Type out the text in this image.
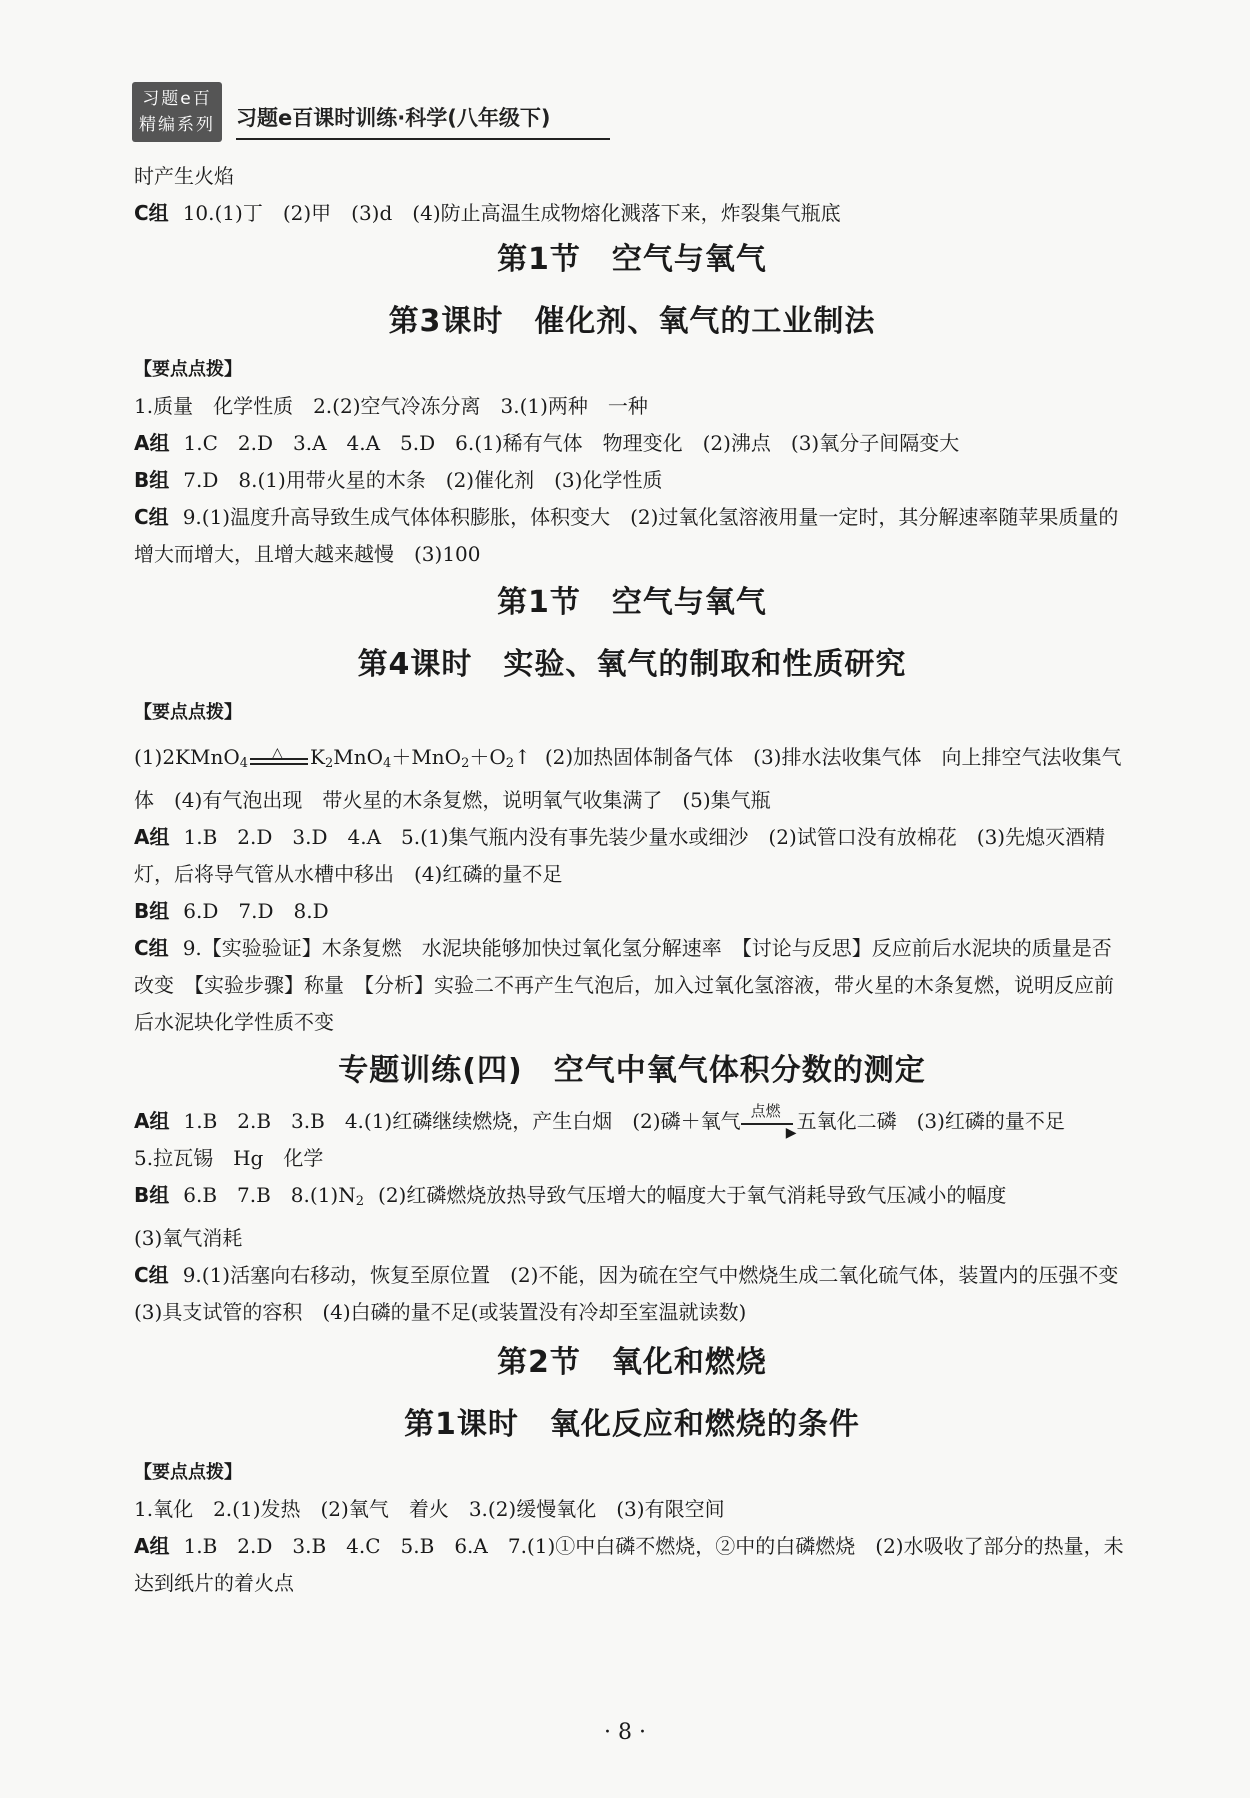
习题e百
精编系列	习题e百课时训练·科学(八年级下)
时产生火焰
C组 10.(1)丁　(2)甲　(3)d　(4)防止高温生成物熔化溅落下来，炸裂集气瓶底
第1节　空气与氧气
第3课时　催化剂、氧气的工业制法
【要点点拨】
1.质量　化学性质　2.(2)空气冷冻分离　3.(1)两种　一种
A组 1.C　2.D　3.A　4.A　5.D　6.(1)稀有气体　物理变化　(2)沸点　(3)氧分子间隔变大
B组 7.D　8.(1)用带火星的木条　(2)催化剂　(3)化学性质
C组 9.(1)温度升高导致生成气体体积膨胀，体积变大　(2)过氧化氢溶液用量一定时，其分解速率随苹果质量的增大而增大，且增大越来越慢　(3)100
第1节　空气与氧气
第4课时　实验、氧气的制取和性质研究
【要点点拨】
(1)2KMnO$_4$
△ $K_2MnO_4+MnO_2+O_2↑$ (2)加热固体制备气体　(3)排水法收集气体　向上排空气法收集气体　(4)有气泡出现　带火星的木条复燃，说明氧气收集满了　(5)集气瓶
A组 1.B　2.D　3.D　4.A　5.(1)集气瓶内没有事先装少量水或细沙　(2)试管口没有放棉花　(3)先熄灭酒精灯，后将导气管从水槽中移出　(4)红磷的量不足
B组 6.D　7.D　8.D
C组 9.【实验验证】木条复燃　水泥块能够加快过氧化氢分解速率　【讨论与反思】反应前后水泥块的质量是否改变　【实验步骤】称量　【分析】实验二不再产生气泡后，加入过氧化氢溶液，带火星的木条复燃，说明反应前后水泥块化学性质不变
专题训练(四)　空气中氧气体积分数的测定
A组 1.B　2.B　3.B　4.(1)红磷继续燃烧，产生白烟　(2)磷＋氧气 点燃
▶ 五氧化二磷　(3)红磷的量不足
5.拉瓦锡　Hg　化学
B组 6.B　7.B　$8.(1)N_2$ (2)红磷燃烧放热导致气压增大的幅度大于氧气消耗导致气压减小的幅度
(3)氧气消耗
C组 9.(1)活塞向右移动，恢复至原位置　(2)不能，因为硫在空气中燃烧生成二氧化硫气体，装置内的压强不变　(3)具支试管的容积　(4)白磷的量不足(或装置没有冷却至室温就读数)
第2节　氧化和燃烧
第1课时　氧化反应和燃烧的条件
【要点点拨】
1.氧化　2.(1)发热　(2)氧气　着火　3.(2)缓慢氧化　(3)有限空间
A组 1.B　2.D　3.B　4.C　5.B　6.A　7.(1)①中白磷不燃烧，②中的白磷燃烧　(2)水吸收了部分的热量，未达到纸片的着火点
· 8 ·
